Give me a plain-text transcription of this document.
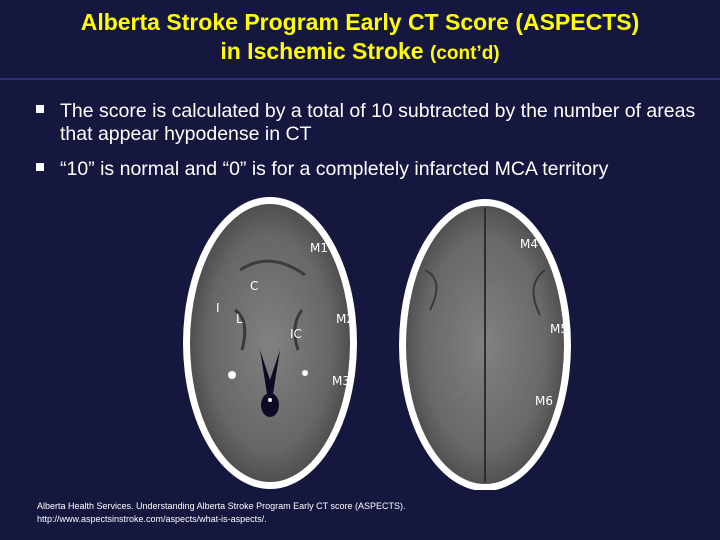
Alberta Stroke Program Early CT Score (ASPECTS)
in Ischemic Stroke (cont’d)
The score is calculated by a total of 10 subtracted by the number of areas that appear hypodense in CT
“10” is normal and “0” is for a completely infarcted MCA territory
M1
C
I
L
IC
M2
M3
M4
M5
M6
Alberta Health Services. Understanding Alberta Stroke Program Early CT score (ASPECTS).
http://www.aspectsinstroke.com/aspects/what-is-aspects/.
